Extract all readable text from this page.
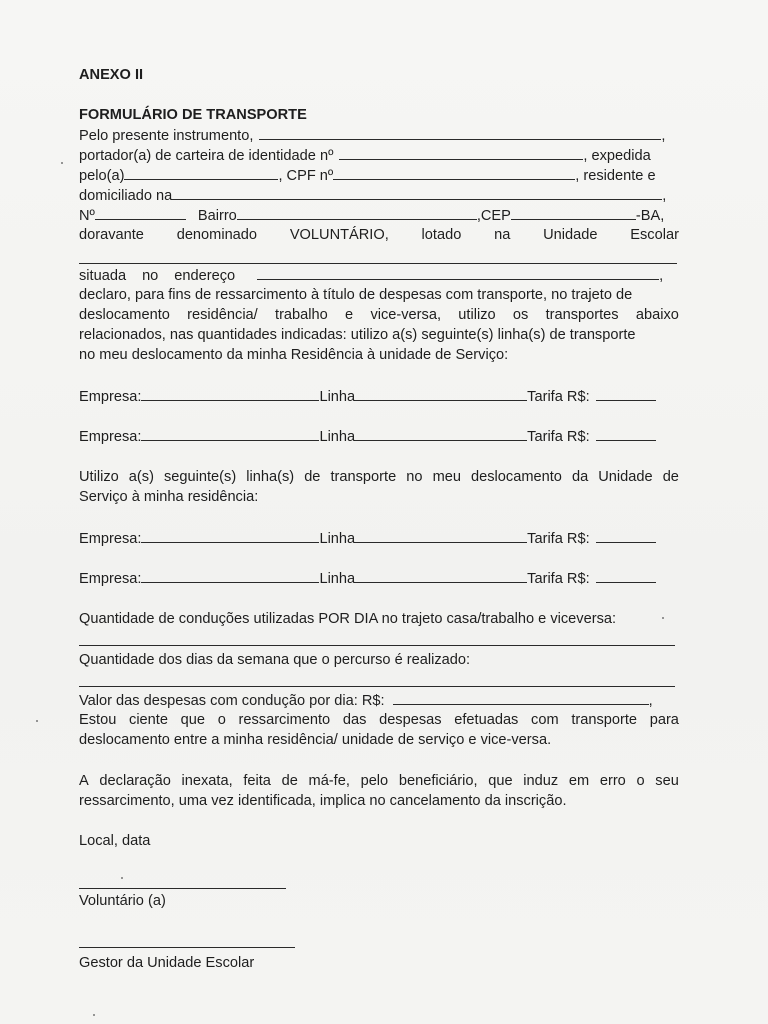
ANEXO II
FORMULÁRIO DE TRANSPORTE
Pelo presente instrumento,	,
portador(a) de carteira de identidade nº	, expedida
pelo(a)	, CPF nº	, residente e
domiciliado na	,
Nº	Bairro	,CEP	-BA,
doravante denominado VOLUNTÁRIO, lotado na Unidade Escolar
situada no endereço	,
declaro, para fins de ressarcimento à título de despesas com transporte, no trajeto de
deslocamento residência/ trabalho e vice-versa, utilizo os transportes abaixo
relacionados, nas quantidades indicadas: utilizo a(s) seguinte(s) linha(s) de transporte
no meu deslocamento da minha Residência à unidade de Serviço:
Empresa:	Linha	Tarifa R$:
Empresa:	Linha	Tarifa R$:
Utilizo a(s) seguinte(s) linha(s) de transporte no meu deslocamento da Unidade de
Serviço à minha residência:
Empresa:	Linha	Tarifa R$:
Empresa:	Linha	Tarifa R$:
Quantidade de conduções utilizadas POR DIA no trajeto casa/trabalho e viceversa:
Quantidade dos dias da semana que o percurso é realizado:
Valor das despesas com condução por dia: R$:	,
Estou ciente que o ressarcimento das despesas efetuadas com transporte para
deslocamento entre a minha residência/ unidade de serviço e vice-versa.
A declaração inexata, feita de má-fe, pelo beneficiário, que induz em erro o seu
ressarcimento, uma vez identificada, implica no cancelamento da inscrição.
Local, data
Voluntário (a)
Gestor da Unidade Escolar
